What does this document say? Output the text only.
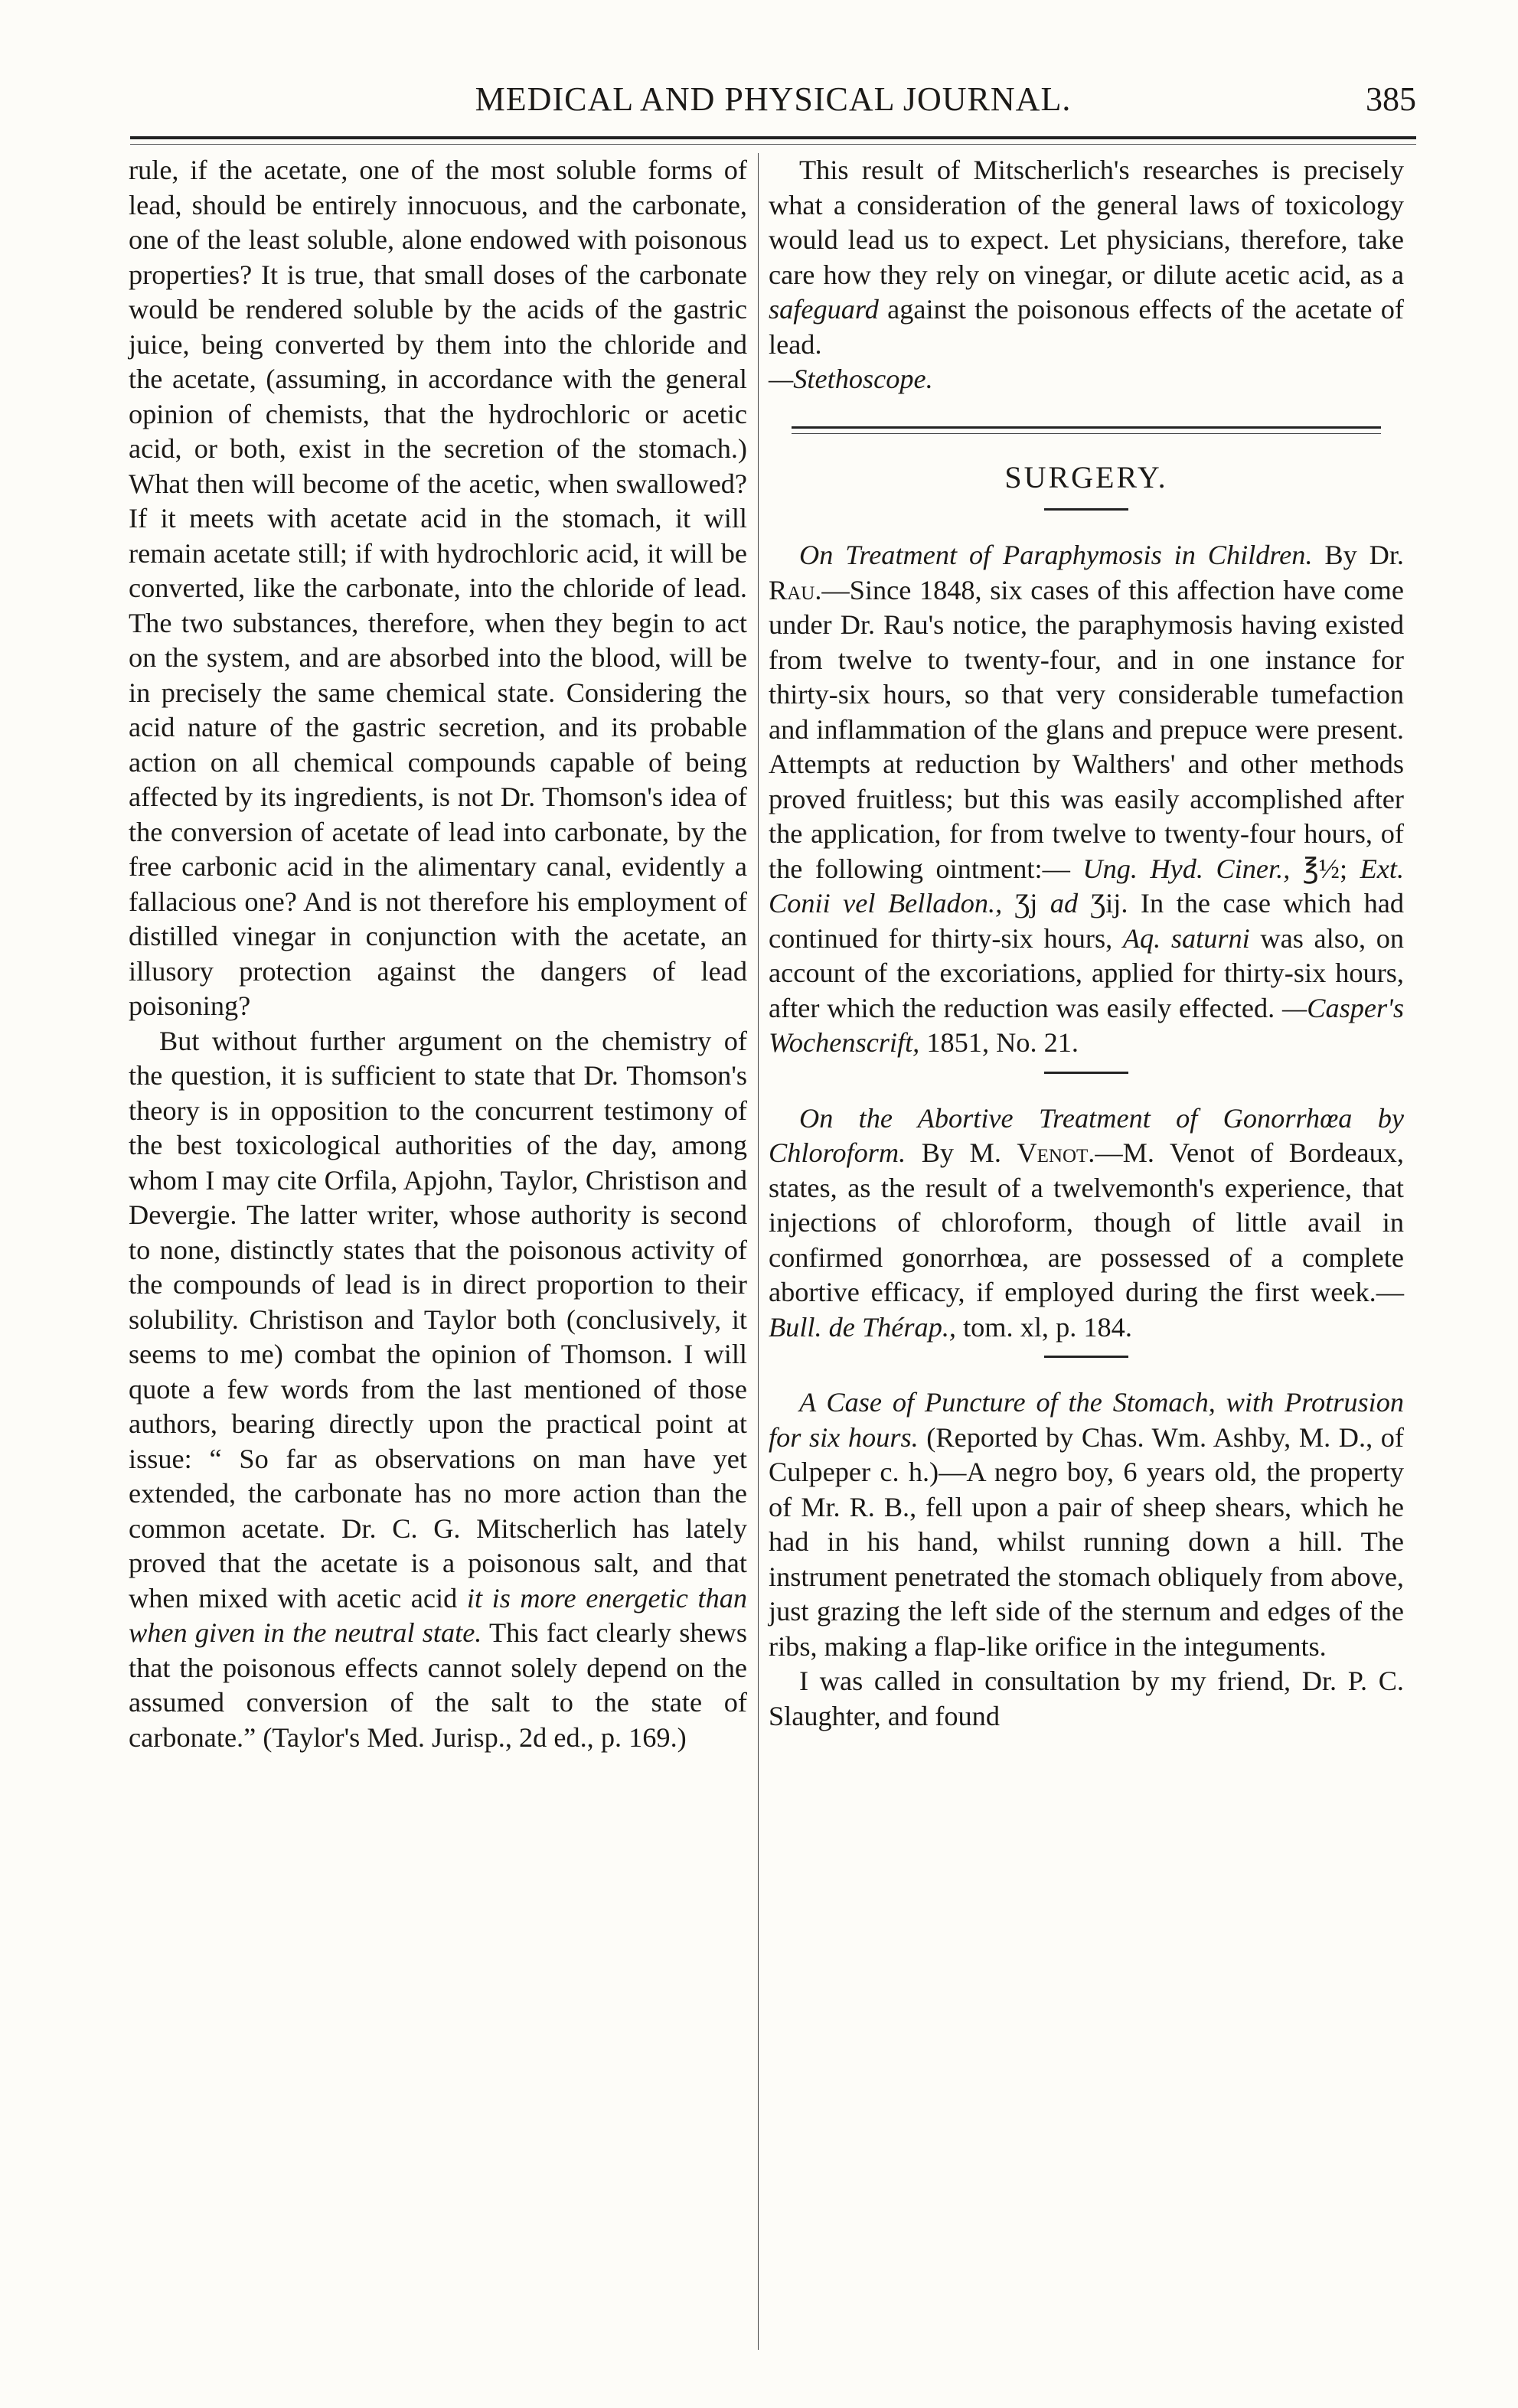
MEDICAL AND PHYSICAL JOURNAL.	385

rule, if the acetate, one of the most soluble forms of lead, should be entirely innocuous, and the carbonate, one of the least soluble, alone endowed with poisonous properties? It is true, that small doses of the carbonate would be rendered soluble by the acids of the gastric juice, being converted by them into the chloride and the acetate, (assuming, in accordance with the general opinion of chemists, that the hydrochloric or acetic acid, or both, exist in the secretion of the stomach.) What then will become of the acetic, when swallowed? If it meets with acetate acid in the stomach, it will remain acetate still; if with hydrochloric acid, it will be converted, like the carbonate, into the chloride of lead. The two substances, therefore, when they begin to act on the system, and are absorbed into the blood, will be in precisely the same chemical state. Considering the acid nature of the gastric secretion, and its probable action on all chemical compounds capable of being affected by its ingredients, is not Dr. Thomson's idea of the conversion of acetate of lead into carbonate, by the free carbonic acid in the alimentary canal, evidently a fallacious one? And is not therefore his employment of distilled vinegar in conjunction with the acetate, an illusory protection against the dangers of lead poisoning?

But without further argument on the chemistry of the question, it is sufficient to state that Dr. Thomson's theory is in opposition to the concurrent testimony of the best toxicological authorities of the day, among whom I may cite Orfila, Apjohn, Taylor, Christison and Devergie. The latter writer, whose authority is second to none, distinctly states that the poisonous activity of the compounds of lead is in direct proportion to their solubility. Christison and Taylor both (conclusively, it seems to me) combat the opinion of Thomson. I will quote a few words from the last mentioned of those authors, bearing directly upon the practical point at issue: “ So far as observations on man have yet extended, the carbonate has no more action than the common acetate. Dr. C. G. Mitscherlich has lately proved that the acetate is a poisonous salt, and that when mixed with acetic acid it is more energetic than when given in the neutral state. This fact clearly shews that the poisonous effects cannot solely depend on the assumed conversion of the salt to the state of carbonate.” (Taylor's Med. Jurisp., 2d ed., p. 169.)

This result of Mitscherlich's researches is precisely what a consideration of the general laws of toxicology would lead us to expect. Let physicians, therefore, take care how they rely on vinegar, or dilute acetic acid, as a safeguard against the poisonous effects of the acetate of lead.

—Stethoscope.

SURGERY.

On Treatment of Paraphymosis in Children. By Dr. Rau.—Since 1848, six cases of this affection have come under Dr. Rau's notice, the paraphymosis having existed from twelve to twenty-four, and in one instance for thirty-six hours, so that very considerable tumefaction and inflammation of the glans and prepuce were present. Attempts at reduction by Walthers' and other methods proved fruitless; but this was easily accomplished after the application, for from twelve to twenty-four hours, of the following ointment:— Ung. Hyd. Ciner., ℥½; Ext. Conii vel Belladon., Ʒj ad Ʒij. In the case which had continued for thirty-six hours, Aq. saturni was also, on account of the excoriations, applied for thirty-six hours, after which the reduction was easily effected. —Casper's Wochenscrift, 1851, No. 21.

On the Abortive Treatment of Gonorrhœa by Chloroform. By M. Venot.—M. Venot of Bordeaux, states, as the result of a twelvemonth's experience, that injections of chloroform, though of little avail in confirmed gonorrhœa, are possessed of a complete abortive efficacy, if employed during the first week.—Bull. de Thérap., tom. xl, p. 184.

A Case of Puncture of the Stomach, with Protrusion for six hours. (Reported by Chas. Wm. Ashby, M. D., of Culpeper c. h.)—A negro boy, 6 years old, the property of Mr. R. B., fell upon a pair of sheep shears, which he had in his hand, whilst running down a hill. The instrument penetrated the stomach obliquely from above, just grazing the left side of the sternum and edges of the ribs, making a flap-like orifice in the integuments.

I was called in consultation by my friend, Dr. P. C. Slaughter, and found
